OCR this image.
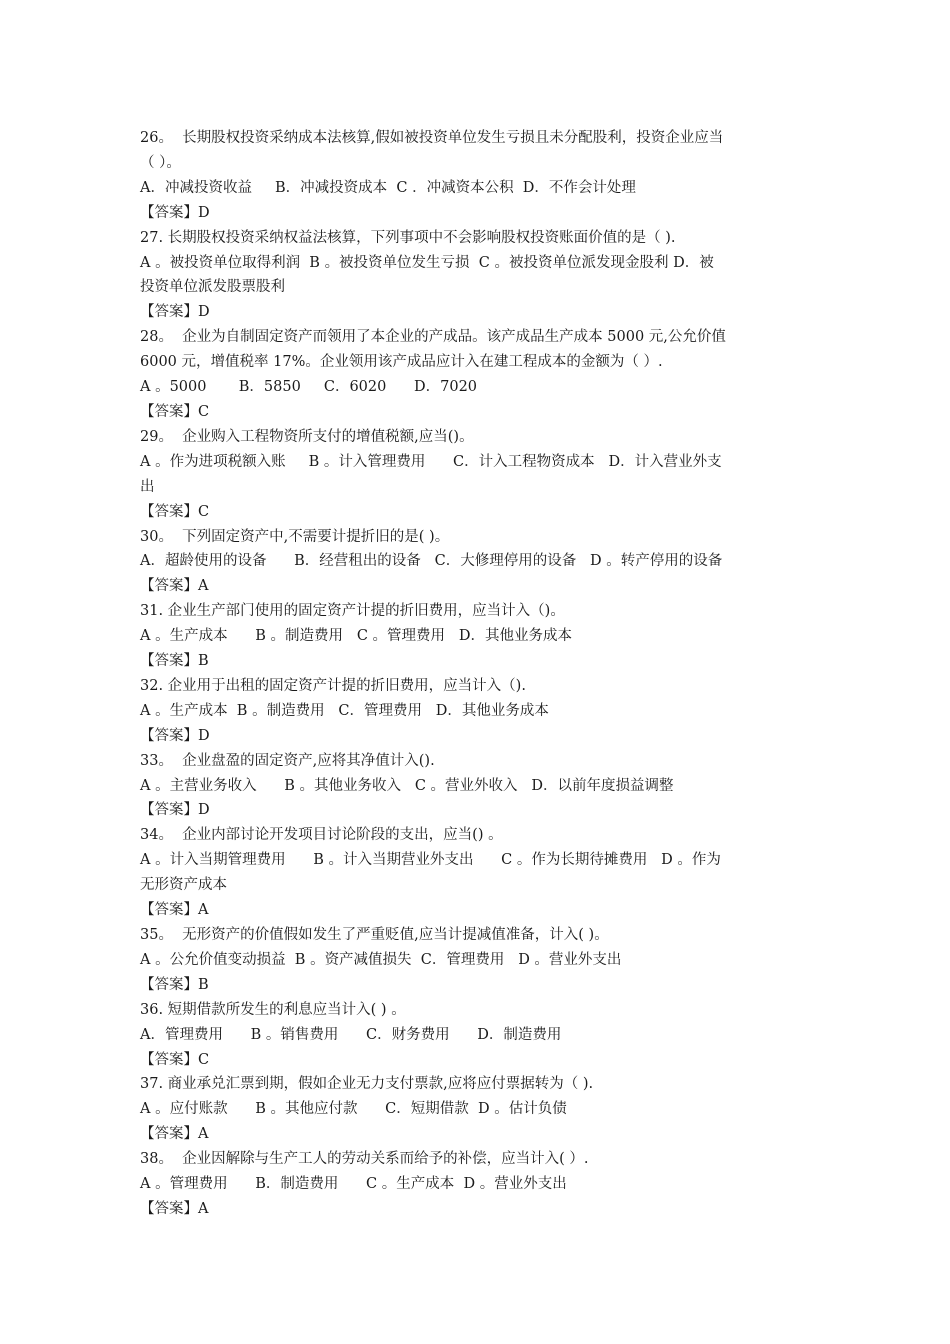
26。  长期股权投资采纳成本法核算,假如被投资单位发生亏损且未分配股利，投资企业应当
（ ）。
A．冲减投资收益     B．冲减投资成本  C ．冲减资本公积  D．不作会计处理
【答案】D
27. 长期股权投资采纳权益法核算，下列事项中不会影响股权投资账面价值的是（ ).
A 。被投资单位取得利润  B 。被投资单位发生亏损  C 。被投资单位派发现金股利 D．被
投资单位派发股票股利
【答案】D
28。  企业为自制固定资产而领用了本企业的产成品。该产成品生产成本 5000 元,公允价值
6000 元，增值税率 17%。企业领用该产成品应计入在建工程成本的金额为（ ）.
A 。5000       B．5850     C．6020      D．7020
【答案】C
29。  企业购入工程物资所支付的增值税额,应当()。
A 。作为进项税额入账     B 。计入管理费用      C．计入工程物资成本   D．计入营业外支
出
【答案】C
30。  下列固定资产中,不需要计提折旧的是( )。
A．超龄使用的设备      B．经营租出的设备   C．大修理停用的设备   D 。转产停用的设备
【答案】A
31. 企业生产部门使用的固定资产计提的折旧费用，应当计入（)。
A 。生产成本      B 。制造费用   C 。管理费用   D．其他业务成本
【答案】B
32. 企业用于出租的固定资产计提的折旧费用，应当计入（).
A 。生产成本  B 。制造费用   C．管理费用   D．其他业务成本
【答案】D
33。  企业盘盈的固定资产,应将其净值计入().
A 。主营业务收入      B 。其他业务收入   C 。营业外收入   D．以前年度损益调整
【答案】D
34。  企业内部讨论开发项目讨论阶段的支出，应当() 。
A 。计入当期管理费用      B 。计入当期营业外支出      C 。作为长期待摊费用   D 。作为
无形资产成本
【答案】A
35。  无形资产的价值假如发生了严重贬值,应当计提减值准备，计入( )。
A 。公允价值变动损益  B 。资产减值损失  C．管理费用   D 。营业外支出
【答案】B
36. 短期借款所发生的利息应当计入( ) 。
A．管理费用      B 。销售费用      C．财务费用      D．制造费用
【答案】C
37. 商业承兑汇票到期，假如企业无力支付票款,应将应付票据转为（ ).
A 。应付账款      B 。其他应付款      C．短期借款  D 。估计负债
【答案】A
38。  企业因解除与生产工人的劳动关系而给予的补偿，应当计入( ）.
A 。管理费用      B．制造费用      C 。生产成本  D 。营业外支出
【答案】A
